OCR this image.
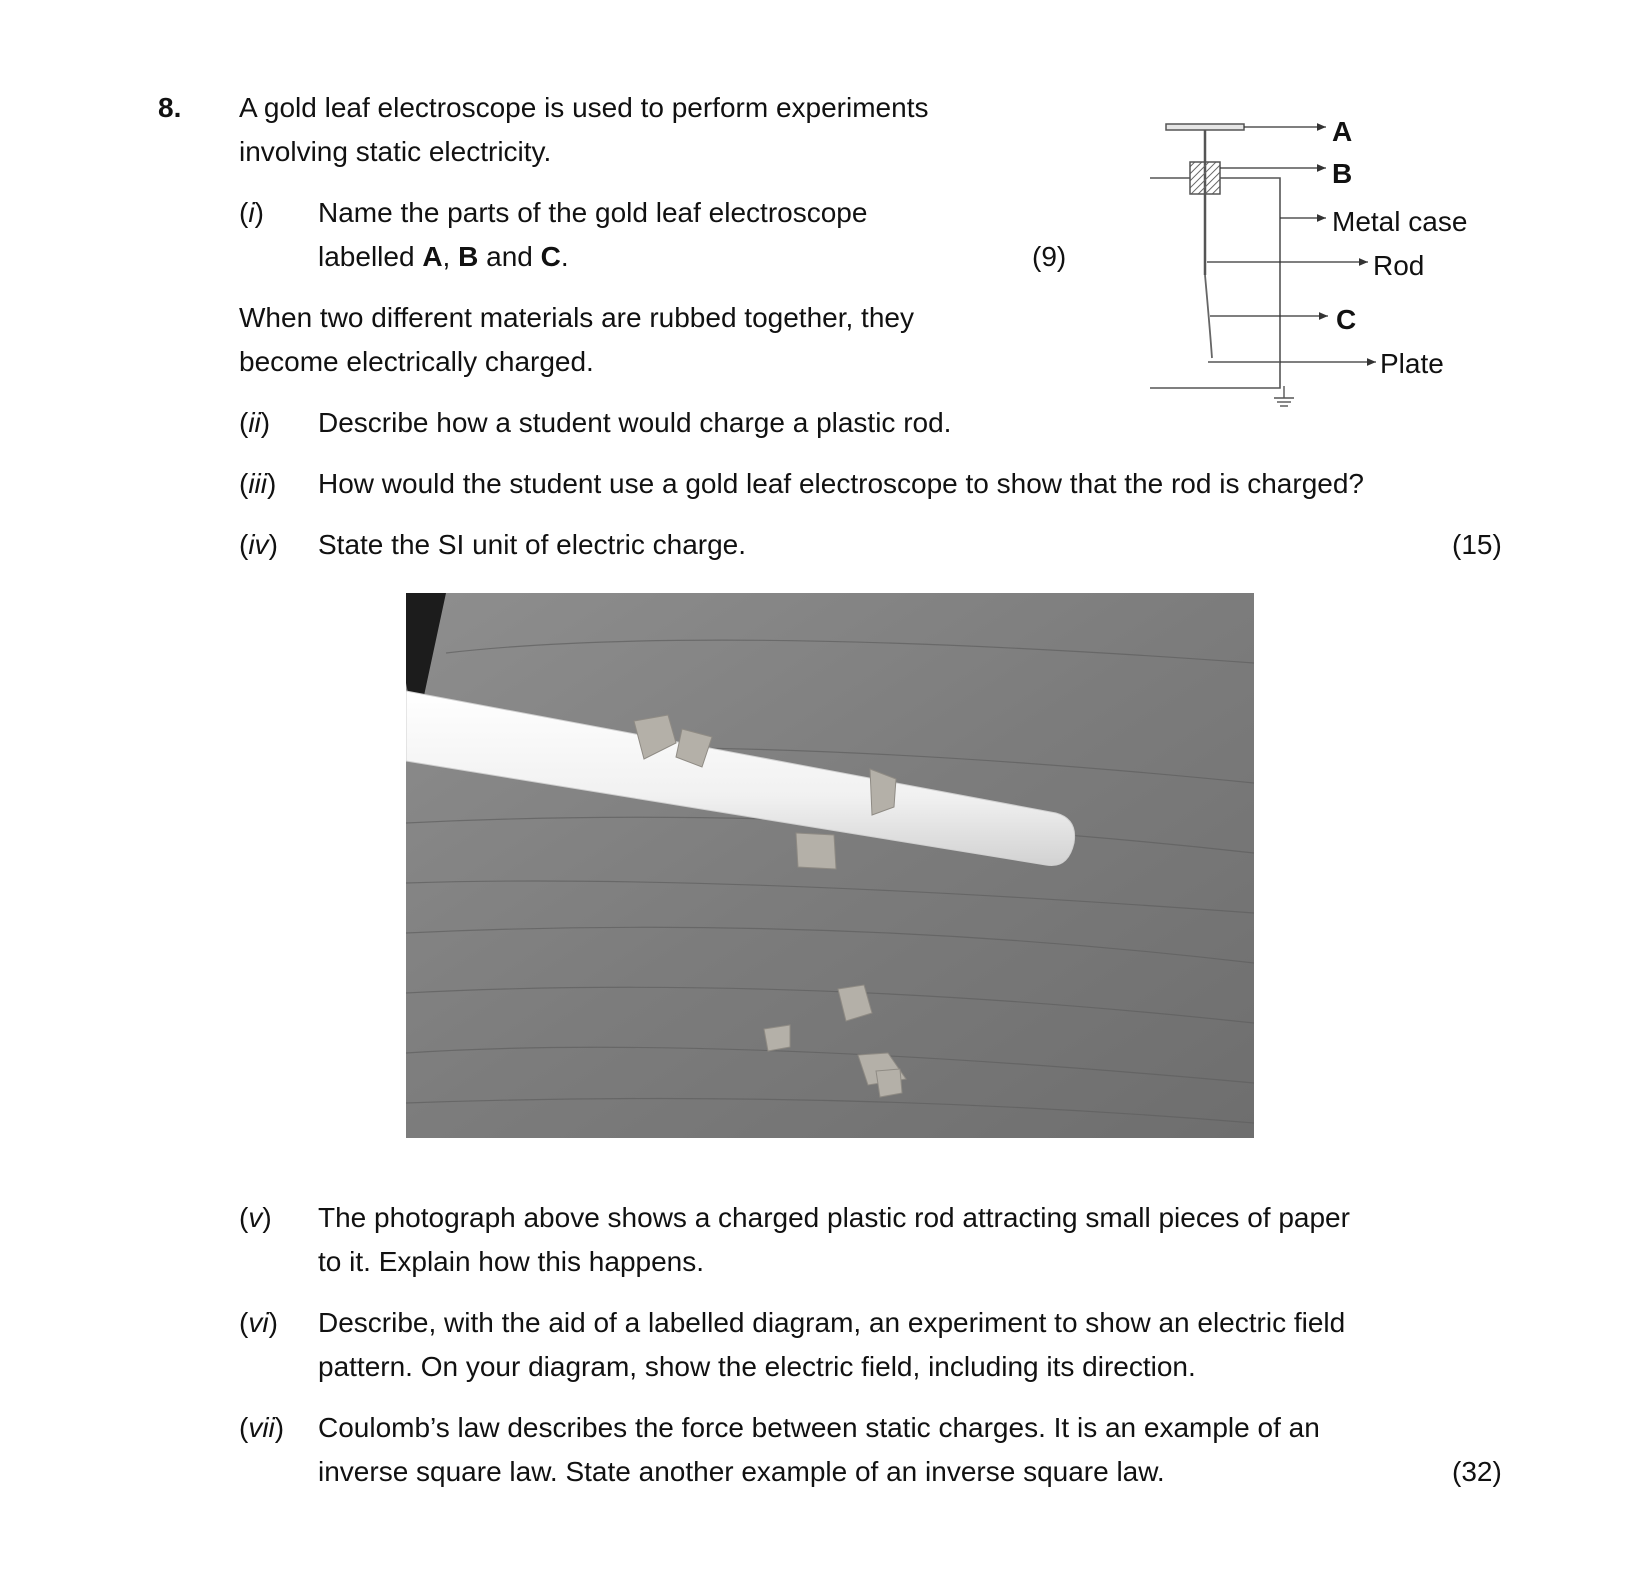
8. A gold leaf electroscope is used to perform experiments
involving static electricity.
(i) Name the parts of the gold leaf electroscope
labelled A, B and C.	(9)
When two different materials are rubbed together, they
become electrically charged.
(ii) Describe how a student would charge a plastic rod.
(iii) How would the student use a gold leaf electroscope to show that the rod is charged?
(iv) State the SI unit of electric charge.	(15)
A
B
Metal case
Rod
C
Plate
(v) The photograph above shows a charged plastic rod attracting small pieces of paper
to it. Explain how this happens.
(vi) Describe, with the aid of a labelled diagram, an experiment to show an electric field
pattern. On your diagram, show the electric field, including its direction.
(vii) Coulomb’s law describes the force between static charges. It is an example of an
inverse square law. State another example of an inverse square law.	(32)
